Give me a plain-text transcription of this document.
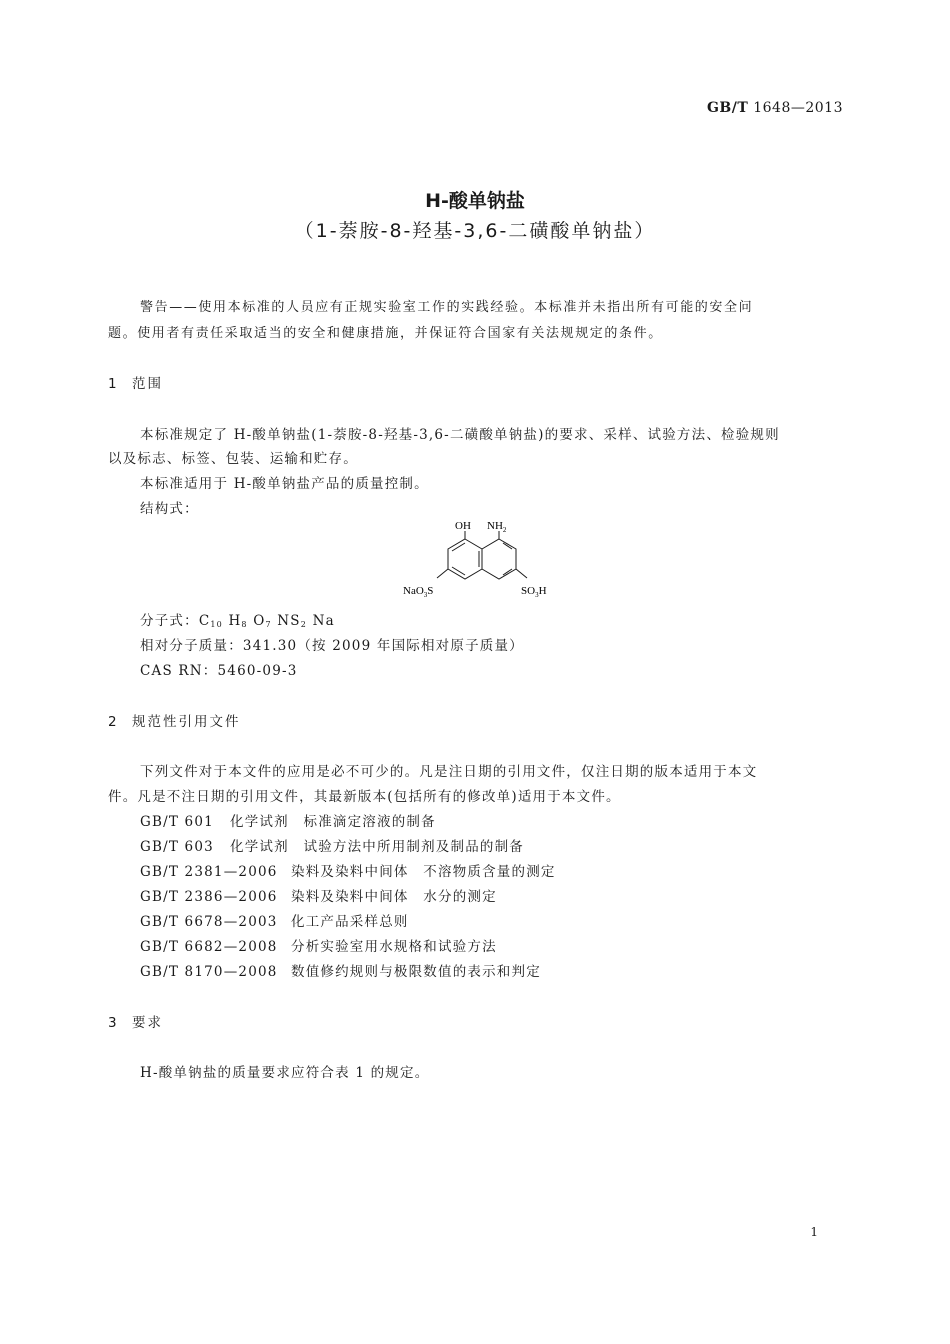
GB/T 1648—2013
H-酸单钠盐
（1-萘胺-8-羟基-3,6-二磺酸单钠盐）
警告——使用本标准的人员应有正规实验室工作的实践经验。本标准并未指出所有可能的安全问
题。使用者有责任采取适当的安全和健康措施，并保证符合国家有关法规规定的条件。
1 范围
本标准规定了 H-酸单钠盐(1-萘胺-8-羟基-3,6-二磺酸单钠盐)的要求、采样、试验方法、检验规则
以及标志、标签、包装、运输和贮存。
本标准适用于 H-酸单钠盐产品的质量控制。
结构式：
OH $NH_2$
NaO$_3$S	$SO_3H$
分子式：$C_{10}$ $H_8$ $O_7$ $NS_2$ Na
相对分子质量：341.30（按 2009 年国际相对原子质量）
CAS RN：5460-09-3
2 规范性引用文件
下列文件对于本文件的应用是必不可少的。凡是注日期的引用文件，仅注日期的版本适用于本文
件。凡是不注日期的引用文件，其最新版本(包括所有的修改单)适用于本文件。
GB/T 601 化学试剂　标准滴定溶液的制备
GB/T 603 化学试剂　试验方法中所用制剂及制品的制备
GB/T 2381—2006 染料及染料中间体　不溶物质含量的测定
GB/T 2386—2006 染料及染料中间体　水分的测定
GB/T 6678—2003 化工产品采样总则
GB/T 6682—2008 分析实验室用水规格和试验方法
GB/T 8170—2008 数值修约规则与极限数值的表示和判定
3 要求
H-酸单钠盐的质量要求应符合表 1 的规定。
1
